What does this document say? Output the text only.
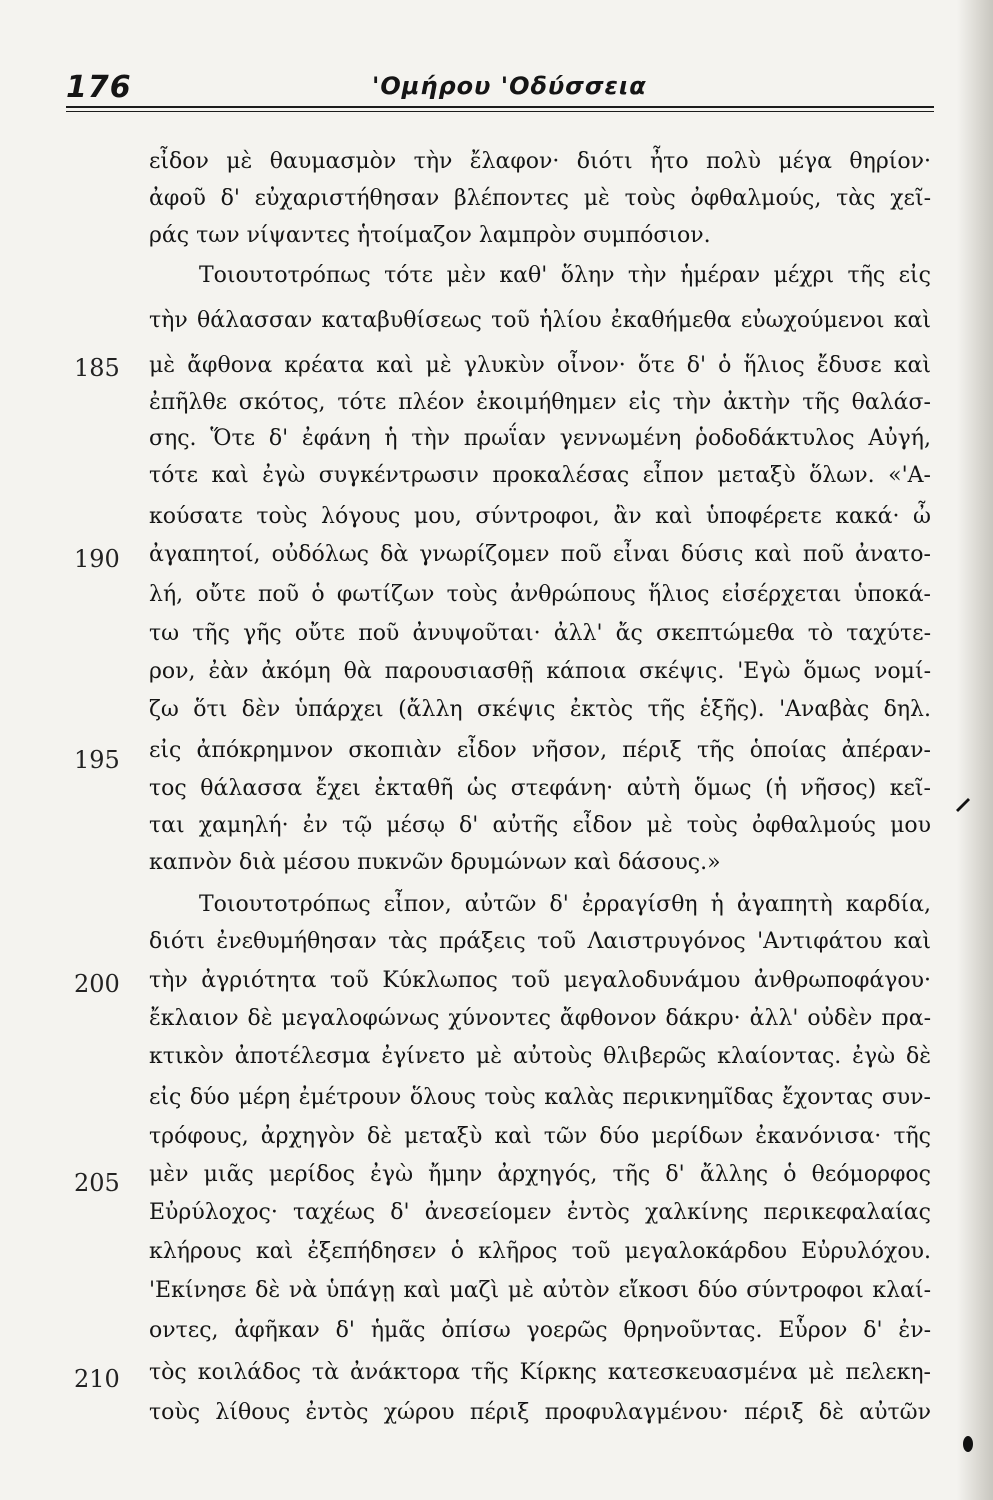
176	'Ομήρου 'Οδύσσεια
185
190
195
200
205
210
εἶδον μὲ θαυμασμὸν τὴν ἔλαφον· διότι ἦτο πολὺ μέγα θηρίον·
ἀφοῦ δ' εὐχαριστήθησαν βλέποντες μὲ τοὺς ὀφθαλμούς, τὰς χεῖ-
ράς των νίψαντες ἡτοίμαζον λαμπρὸν συμπόσιον.
Τοιουτοτρόπως τότε μὲν καθ' ὅλην τὴν ἡμέραν μέχρι τῆς εἰς
τὴν θάλασσαν καταβυθίσεως τοῦ ἡλίου ἐκαθήμεθα εὐωχούμενοι καὶ
μὲ ἄφθονα κρέατα καὶ μὲ γλυκὺν οἶνον· ὅτε δ' ὁ ἥλιος ἔδυσε καὶ
ἐπῆλθε σκότος, τότε πλέον ἐκοιμήθημεν εἰς τὴν ἀκτὴν τῆς θαλάσ-
σης. Ὅτε δ' ἐφάνη ἡ τὴν πρωΐαν γεννωμένη ῥοδοδάκτυλος Αὐγή,
τότε καὶ ἐγὼ συγκέντρωσιν προκαλέσας εἶπον μεταξὺ ὅλων. «'Α-
κούσατε τοὺς λόγους μου, σύντροφοι, ἂν καὶ ὑποφέρετε κακά· ὦ
ἀγαπητοί, οὐδόλως δὰ γνωρίζομεν ποῦ εἶναι δύσις καὶ ποῦ ἀνατο-
λή, οὔτε ποῦ ὁ φωτίζων τοὺς ἀνθρώπους ἥλιος εἰσέρχεται ὑποκά-
τω τῆς γῆς οὔτε ποῦ ἀνυψοῦται· ἀλλ' ἄς σκεπτώμεθα τὸ ταχύτε-
ρον, ἐὰν ἀκόμη θὰ παρουσιασθῇ κάποια σκέψις. 'Εγὼ ὅμως νομί-
ζω ὅτι δὲν ὑπάρχει (ἄλλη σκέψις ἐκτὸς τῆς ἑξῆς). 'Αναβὰς δηλ.
εἰς ἀπόκρημνον σκοπιὰν εἶδον νῆσον, πέριξ τῆς ὁποίας ἀπέραν-
τος θάλασσα ἔχει ἐκταθῆ ὡς στεφάνη· αὐτὴ ὅμως (ἡ νῆσος) κεῖ-
ται χαμηλή· ἐν τῷ μέσῳ δ' αὐτῆς εἶδον μὲ τοὺς ὀφθαλμούς μου
καπνὸν διὰ μέσου πυκνῶν δρυμώνων καὶ δάσους.»
Τοιουτοτρόπως εἶπον, αὐτῶν δ' ἐρραγίσθη ἡ ἀγαπητὴ καρδία,
διότι ἐνεθυμήθησαν τὰς πράξεις τοῦ Λαιστρυγόνος 'Αντιφάτου καὶ
τὴν ἀγριότητα τοῦ Κύκλωπος τοῦ μεγαλοδυνάμου ἀνθρωποφάγου·
ἔκλαιον δὲ μεγαλοφώνως χύνοντες ἄφθονον δάκρυ· ἀλλ' οὐδὲν πρα-
κτικὸν ἀποτέλεσμα ἐγίνετο μὲ αὐτοὺς θλιβερῶς κλαίοντας. ἐγὼ δὲ
εἰς δύο μέρη ἐμέτρουν ὅλους τοὺς καλὰς περικνημῖδας ἔχοντας συν-
τρόφους, ἀρχηγὸν δὲ μεταξὺ καὶ τῶν δύο μερίδων ἐκανόνισα· τῆς
μὲν μιᾶς μερίδος ἐγὼ ἤμην ἀρχηγός, τῆς δ' ἄλλης ὁ θεόμορφος
Εὐρύλοχος· ταχέως δ' ἀνεσείομεν ἐντὸς χαλκίνης περικεφαλαίας
κλήρους καὶ ἐξεπήδησεν ὁ κλῆρος τοῦ μεγαλοκάρδου Εὐρυλόχου.
'Εκίνησε δὲ νὰ ὑπάγῃ καὶ μαζὶ μὲ αὐτὸν εἴκοσι δύο σύντροφοι κλαί-
οντες, ἀφῆκαν δ' ἡμᾶς ὀπίσω γοερῶς θρηνοῦντας. Εὗρον δ' ἐν-
τὸς κοιλάδος τὰ ἀνάκτορα τῆς Κίρκης κατεσκευασμένα μὲ πελεκη-
τοὺς λίθους ἐντὸς χώρου πέριξ προφυλαγμένου· πέριξ δὲ αὐτῶν
